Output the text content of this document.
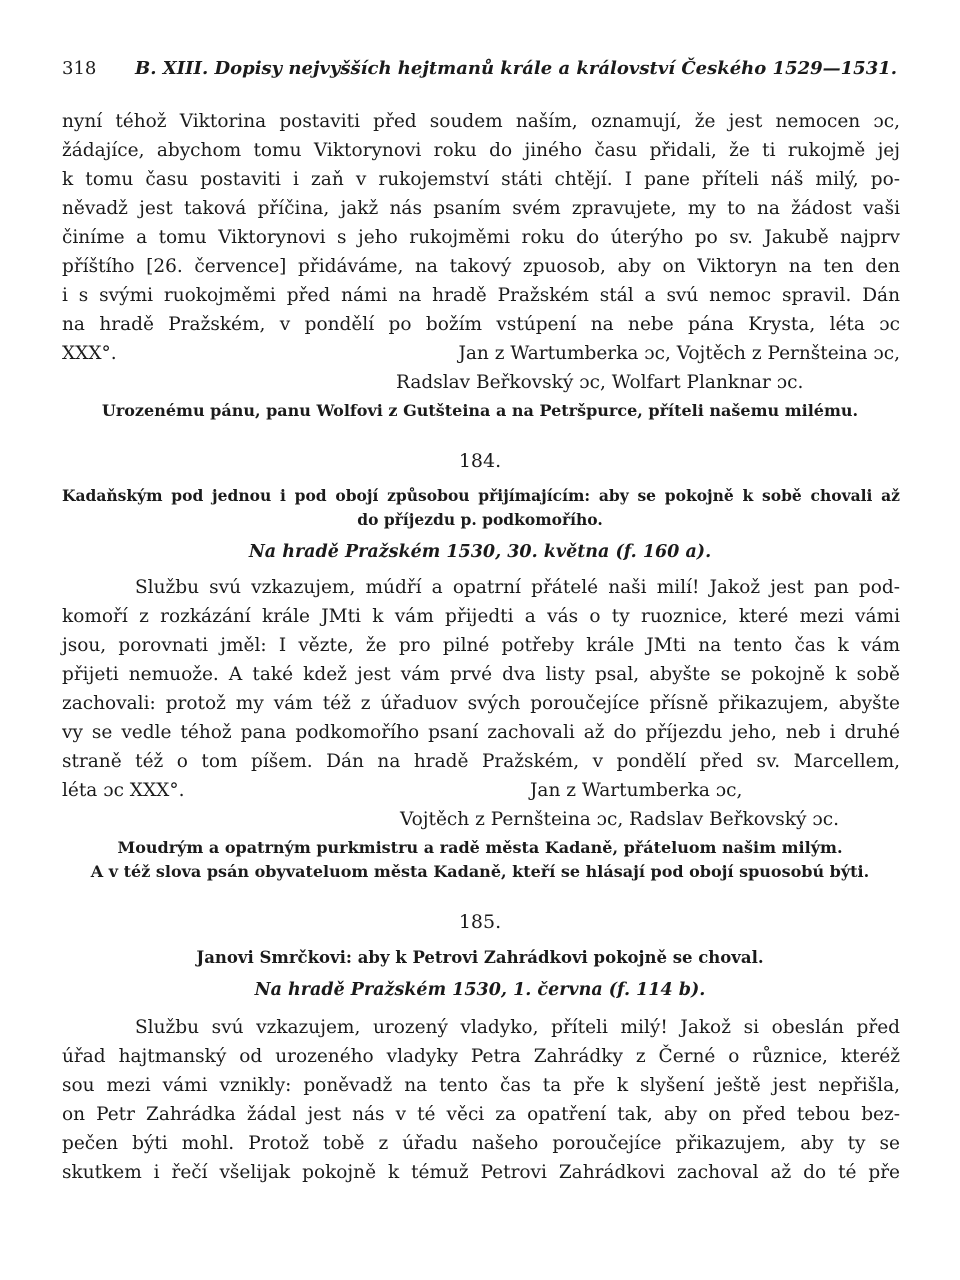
318 B. XIII. Dopisy nejvyšších hejtmanů krále a království Českého 1529—1531.
nyní téhož Viktorina postaviti před soudem naším, oznamují, že jest nemocen ɔc,
žádajíce, abychom tomu Viktorynovi roku do jiného času přidali, že ti rukojmě jej
k tomu času postaviti i zaň v rukojemství státi chtějí. I pane příteli náš milý, po-
něvadž jest taková příčina, jakž nás psaním svém zpravujete, my to na žádost vaši
činíme a tomu Viktorynovi s jeho rukojměmi roku do úterýho po sv. Jakubě najprv
příštího [26. července] přidáváme, na takový zpuosob, aby on Viktoryn na ten den
i s svými ruokojměmi před námi na hradě Pražském stál a svú nemoc spravil. Dán
na hradě Pražském, v pondělí po božím vstúpení na nebe pána Krysta, léta ɔc
XXX°.	Jan z Wartumberka ɔc, Vojtěch z Pernšteina ɔc,
Radslav Beřkovský ɔc, Wolfart Planknar ɔc.
Urozenému pánu, panu Wolfovi z Gutšteina a na Petršpurce, příteli našemu milému.
184.
Kadaňským pod jednou i pod obojí způsobou přijímajícím: aby se pokojně k sobě chovali až
do příjezdu p. podkomořího.
Na hradě Pražském 1530, 30. května (f. 160 a).
Službu svú vzkazujem, múdří a opatrní přátelé naši milí! Jakož jest pan pod-
komoří z rozkázání krále JMti k vám přijedti a vás o ty ruoznice, které mezi vámi
jsou, porovnati jměl: I vězte, že pro pilné potřeby krále JMti na tento čas k vám
přijeti nemuože. A také kdež jest vám prvé dva listy psal, abyšte se pokojně k sobě
zachovali: protož my vám též z úřaduov svých poroučejíce přísně přikazujem, abyšte
vy se vedle téhož pana podkomořího psaní zachovali až do příjezdu jeho, neb i druhé
straně též o tom píšem. Dán na hradě Pražském, v pondělí před sv. Marcellem,
léta ɔc XXX°.	Jan z Wartumberka ɔc,
Vojtěch z Pernšteina ɔc, Radslav Beřkovský ɔc.
Moudrým a opatrným purkmistru a radě města Kadaně, přáteluom našim milým.
A v též slova psán obyvateluom města Kadaně, kteří se hlásají pod obojí spuosobú býti.
185.
Janovi Smrčkovi: aby k Petrovi Zahrádkovi pokojně se choval.
Na hradě Pražském 1530, 1. června (f. 114 b).
Službu svú vzkazujem, urozený vladyko, příteli milý! Jakož si obeslán před
úřad hajtmanský od urozeného vladyky Petra Zahrádky z Černé o různice, kteréž
sou mezi vámi vznikly: poněvadž na tento čas ta pře k slyšení ještě jest nepřišla,
on Petr Zahrádka žádal jest nás v té věci za opatření tak, aby on před tebou bez-
pečen býti mohl. Protož tobě z úřadu našeho poroučejíce přikazujem, aby ty se
skutkem i řečí všelijak pokojně k témuž Petrovi Zahrádkovi zachoval až do té pře
